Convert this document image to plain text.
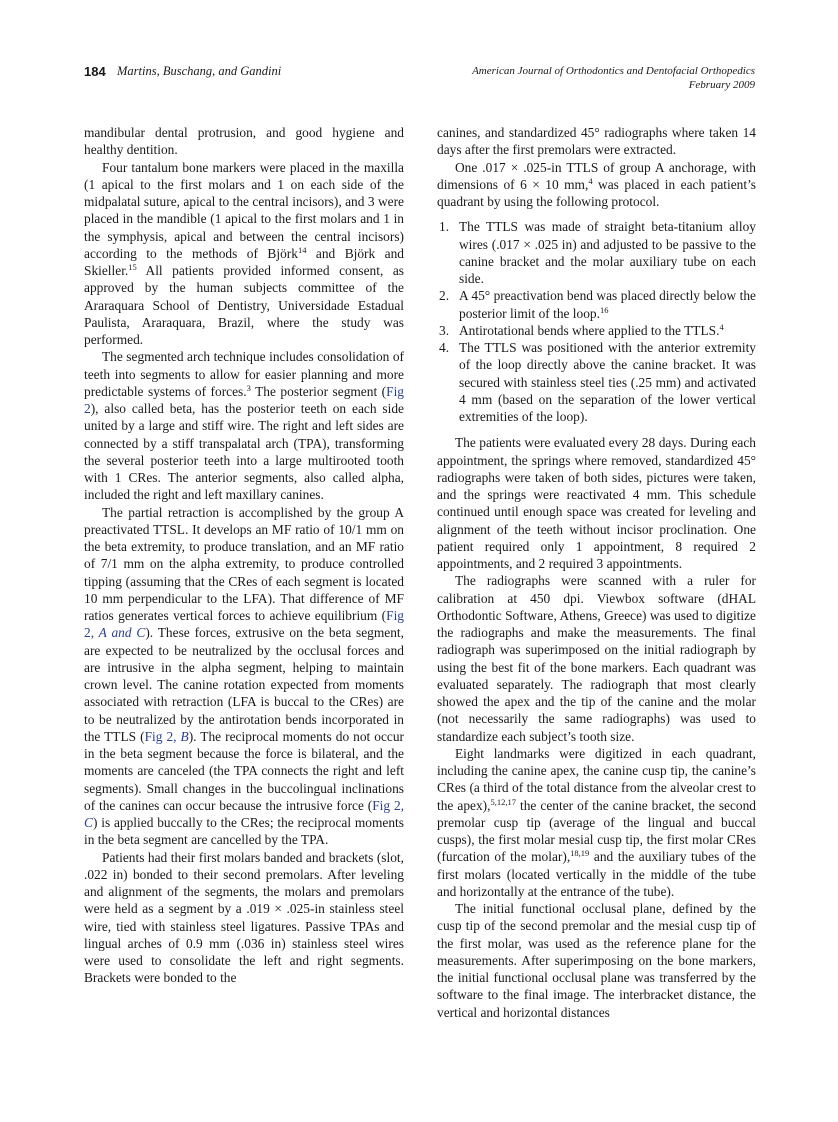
184 Martins, Buschang, and Gandini	American Journal of Orthodontics and Dentofacial Orthopedics
February 2009

mandibular dental protrusion, and good hygiene and healthy dentition.

Four tantalum bone markers were placed in the maxilla (1 apical to the first molars and 1 on each side of the midpalatal suture, apical to the central incisors), and 3 were placed in the mandible (1 apical to the first molars and 1 in the symphysis, apical and between the central incisors) according to the methods of Björk$^{14}$ and Björk and Skieller.$^{15}$ All patients provided informed consent, as approved by the human subjects committee of the Araraquara School of Dentistry, Universidade Estadual Paulista, Araraquara, Brazil, where the study was performed.

The segmented arch technique includes consolidation of teeth into segments to allow for easier planning and more predictable systems of forces.$^3$ The posterior segment (Fig 2), also called beta, has the posterior teeth on each side united by a large and stiff wire. The right and left sides are connected by a stiff transpalatal arch (TPA), transforming the several posterior teeth into a large multirooted tooth with 1 CRes. The anterior segments, also called alpha, included the right and left maxillary canines.

The partial retraction is accomplished by the group A preactivated TTSL. It develops an MF ratio of 10/1 mm on the beta extremity, to produce translation, and an MF ratio of 7/1 mm on the alpha extremity, to produce controlled tipping (assuming that the CRes of each segment is located 10 mm perpendicular to the LFA). That difference of MF ratios generates vertical forces to achieve equilibrium (Fig 2, A and C). These forces, extrusive on the beta segment, are expected to be neutralized by the occlusal forces and are intrusive in the alpha segment, helping to maintain crown level. The canine rotation expected from moments associated with retraction (LFA is buccal to the CRes) are to be neutralized by the antirotation bends incorporated in the TTLS (Fig 2, B). The reciprocal moments do not occur in the beta segment because the force is bilateral, and the moments are canceled (the TPA connects the right and left segments). Small changes in the buccolingual inclinations of the canines can occur because the intrusive force (Fig 2, C) is applied buccally to the CRes; the reciprocal moments in the beta segment are cancelled by the TPA.

Patients had their first molars banded and brackets (slot, .022 in) bonded to their second premolars. After leveling and alignment of the segments, the molars and premolars were held as a segment by a .019 × .025-in stainless steel wire, tied with stainless steel ligatures. Passive TPAs and lingual arches of 0.9 mm (.036 in) stainless steel wires were used to consolidate the left and right segments. Brackets were bonded to the

canines, and standardized 45° radiographs where taken 14 days after the first premolars were extracted.

One .017 × .025-in TTLS of group A anchorage, with dimensions of 6 × 10 mm,$^4$ was placed in each patient’s quadrant by using the following protocol.

1. The TTLS was made of straight beta-titanium alloy wires (.017 × .025 in) and adjusted to be passive to the canine bracket and the molar auxiliary tube on each side.
2. A 45° preactivation bend was placed directly below the posterior limit of the loop.$^{16}$
3. Antirotational bends where applied to the TTLS.$^4$
4. The TTLS was positioned with the anterior extremity of the loop directly above the canine bracket. It was secured with stainless steel ties (.25 mm) and activated 4 mm (based on the separation of the lower vertical extremities of the loop).

The patients were evaluated every 28 days. During each appointment, the springs where removed, standardized 45° radiographs were taken of both sides, pictures were taken, and the springs were reactivated 4 mm. This schedule continued until enough space was created for leveling and alignment of the teeth without incisor proclination. One patient required only 1 appointment, 8 required 2 appointments, and 2 required 3 appointments.

The radiographs were scanned with a ruler for calibration at 450 dpi. Viewbox software (dHAL Orthodontic Software, Athens, Greece) was used to digitize the radiographs and make the measurements. The final radiograph was superimposed on the initial radiograph by using the best fit of the bone markers. Each quadrant was evaluated separately. The radiograph that most clearly showed the apex and the tip of the canine and the molar (not necessarily the same radiographs) was used to standardize each subject’s tooth size.

Eight landmarks were digitized in each quadrant, including the canine apex, the canine cusp tip, the canine’s CRes (a third of the total distance from the alveolar crest to the apex),$^{5,12,17}$ the center of the canine bracket, the second premolar cusp tip (average of the lingual and buccal cusps), the first molar mesial cusp tip, the first molar CRes (furcation of the molar),$^{18,19}$ and the auxiliary tubes of the first molars (located vertically in the middle of the tube and horizontally at the entrance of the tube).

The initial functional occlusal plane, defined by the cusp tip of the second premolar and the mesial cusp tip of the first molar, was used as the reference plane for the measurements. After superimposing on the bone markers, the initial functional occlusal plane was transferred by the software to the final image. The interbracket distance, the vertical and horizontal distances
